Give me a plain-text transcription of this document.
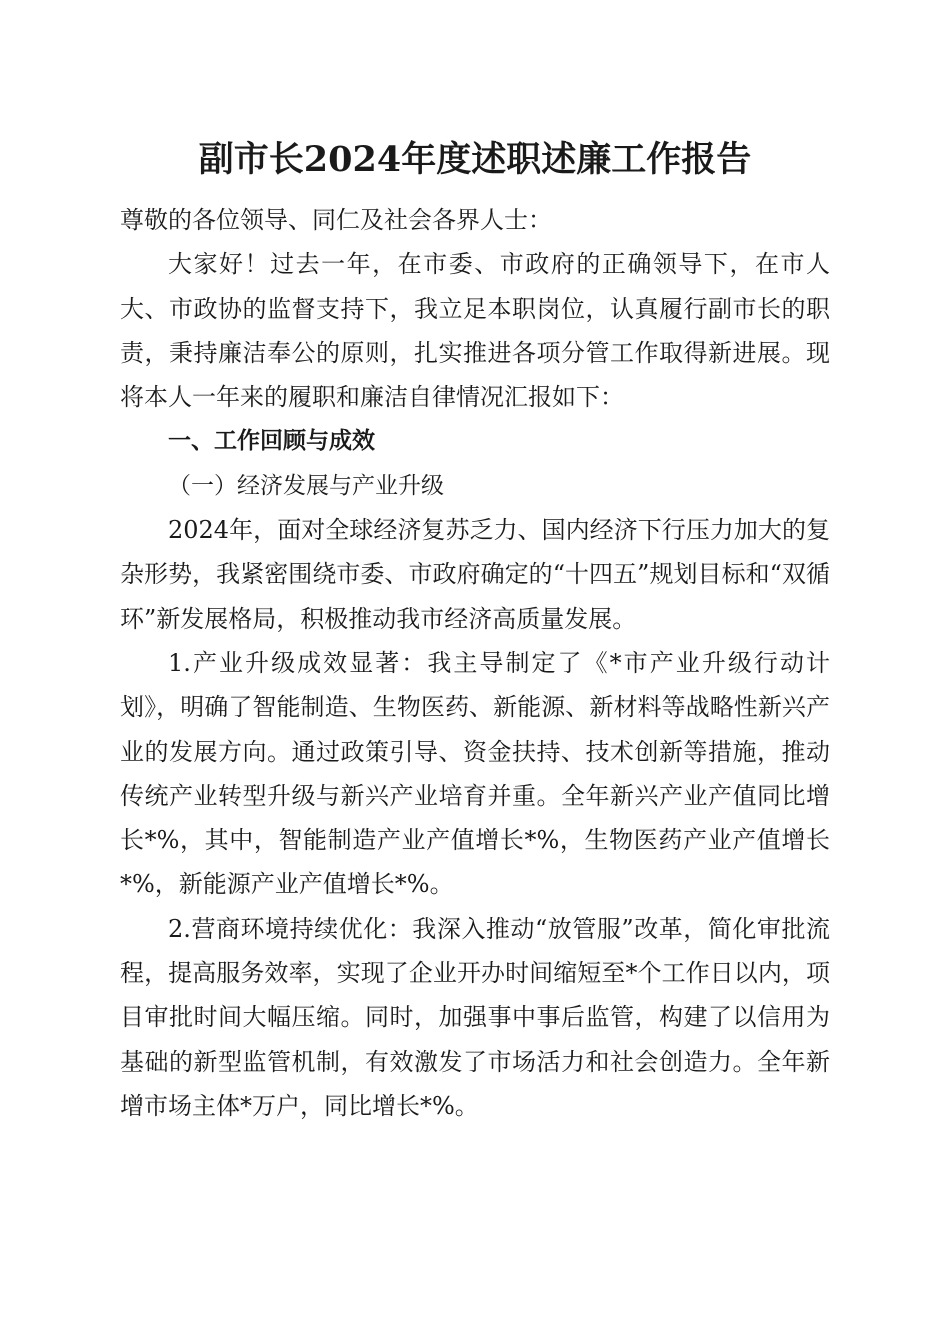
副市长2024年度述职述廉工作报告

尊敬的各位领导、同仁及社会各界人士：

大家好！过去一年，在市委、市政府的正确领导下，在市人大、市政协的监督支持下，我立足本职岗位，认真履行副市长的职责，秉持廉洁奉公的原则，扎实推进各项分管工作取得新进展。现将本人一年来的履职和廉洁自律情况汇报如下：

一、工作回顾与成效

（一）经济发展与产业升级

2024年，面对全球经济复苏乏力、国内经济下行压力加大的复杂形势，我紧密围绕市委、市政府确定的“十四五”规划目标和“双循环”新发展格局，积极推动我市经济高质量发展。

1.产业升级成效显著：我主导制定了《*市产业升级行动计划》，明确了智能制造、生物医药、新能源、新材料等战略性新兴产业的发展方向。通过政策引导、资金扶持、技术创新等措施，推动传统产业转型升级与新兴产业培育并重。全年新兴产业产值同比增长*%，其中，智能制造产业产值增长*%，生物医药产业产值增长*%，新能源产业产值增长*%。

2.营商环境持续优化：我深入推动“放管服”改革，简化审批流程，提高服务效率，实现了企业开办时间缩短至*个工作日以内，项目审批时间大幅压缩。同时，加强事中事后监管，构建了以信用为基础的新型监管机制，有效激发了市场活力和社会创造力。全年新增市场主体*万户，同比增长*%。
